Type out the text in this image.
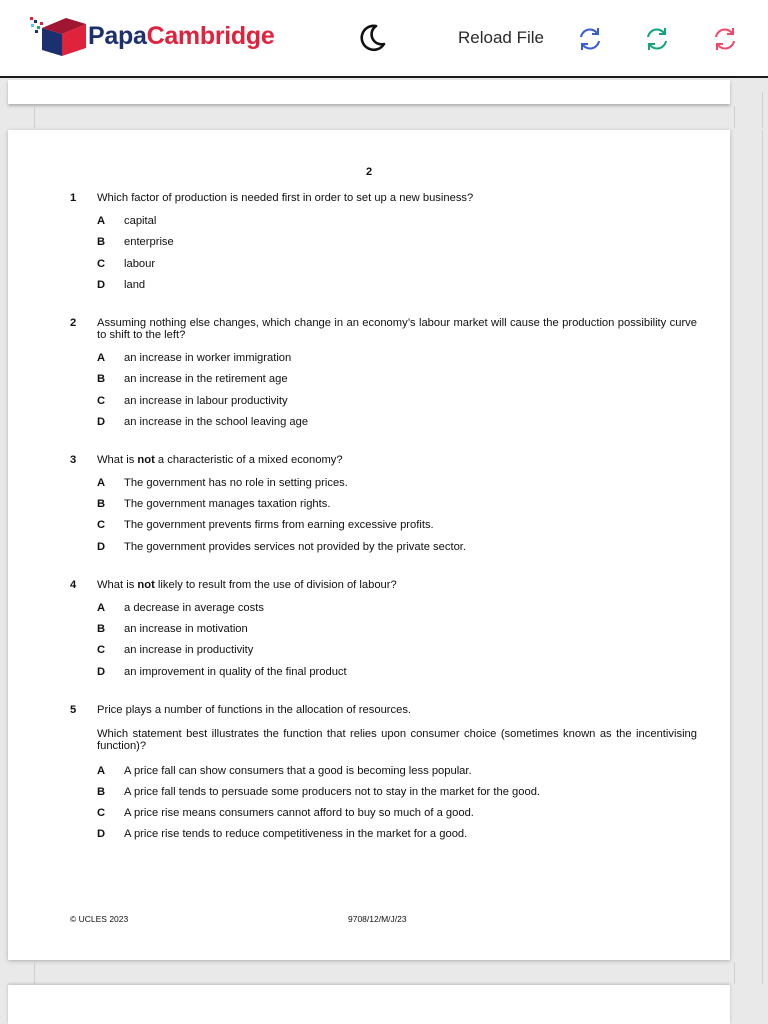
PapaCambridge	Reload File
2
1 Which factor of production is needed first in order to set up a new business?
A capital
B enterprise
C labour
D land
2 Assuming nothing else changes, which change in an economy’s labour market will cause the production possibility curve to shift to the left?
A an increase in worker immigration
B an increase in the retirement age
C an increase in labour productivity
D an increase in the school leaving age
3 What is not a characteristic of a mixed economy?
A The government has no role in setting prices.
B The government manages taxation rights.
C The government prevents firms from earning excessive profits.
D The government provides services not provided by the private sector.
4 What is not likely to result from the use of division of labour?
A a decrease in average costs
B an increase in motivation
C an increase in productivity
D an improvement in quality of the final product
5 Price plays a number of functions in the allocation of resources.
Which statement best illustrates the function that relies upon consumer choice (sometimes known as the incentivising function)?
A A price fall can show consumers that a good is becoming less popular.
B A price fall tends to persuade some producers not to stay in the market for the good.
C A price rise means consumers cannot afford to buy so much of a good.
D A price rise tends to reduce competitiveness in the market for a good.
© UCLES 2023	9708/12/M/J/23
